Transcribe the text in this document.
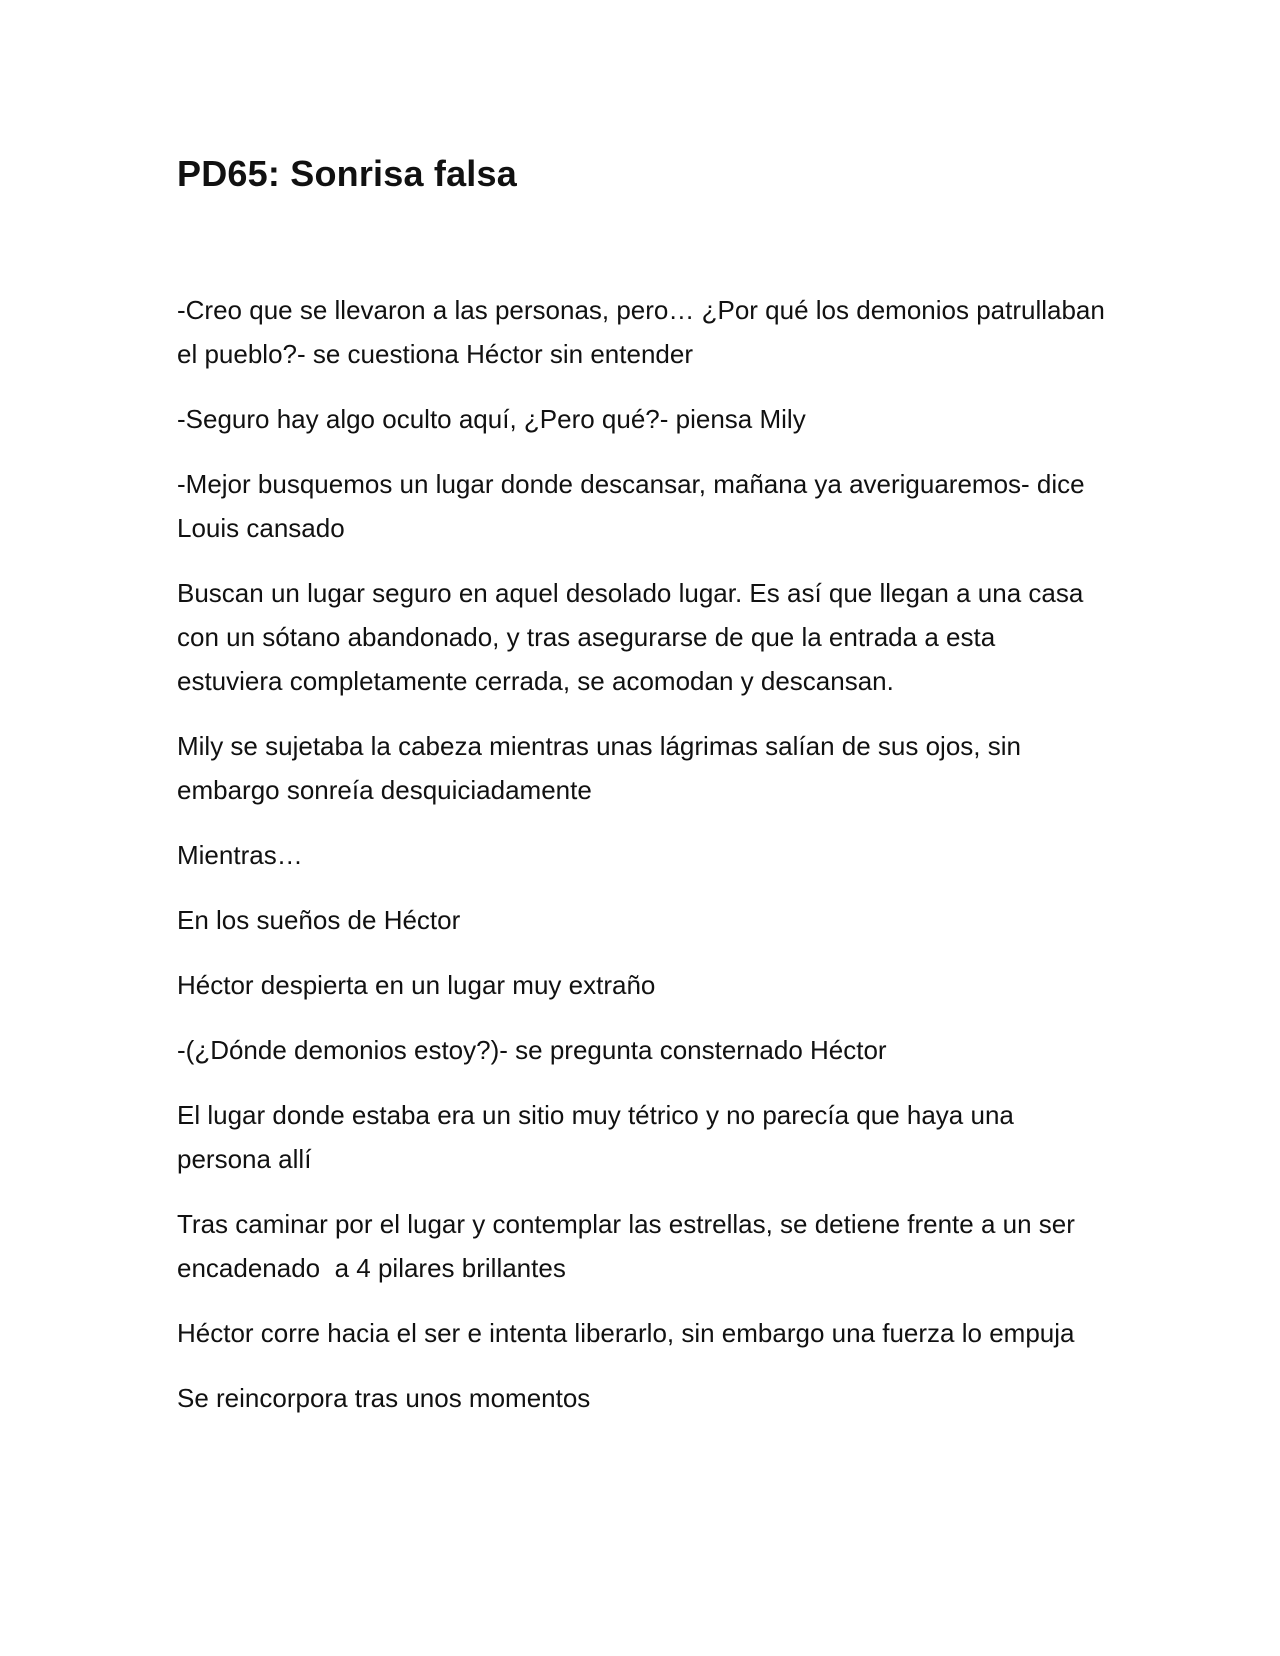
PD65: Sonrisa falsa

-Creo que se llevaron a las personas, pero… ¿Por qué los demonios patrullaban el pueblo?- se cuestiona Héctor sin entender

-Seguro hay algo oculto aquí, ¿Pero qué?- piensa Mily

-Mejor busquemos un lugar donde descansar, mañana ya averiguaremos- dice Louis cansado

Buscan un lugar seguro en aquel desolado lugar. Es así que llegan a una casa con un sótano abandonado, y tras asegurarse de que la entrada a esta estuviera completamente cerrada, se acomodan y descansan.

Mily se sujetaba la cabeza mientras unas lágrimas salían de sus ojos, sin embargo sonreía desquiciadamente

Mientras…

En los sueños de Héctor

Héctor despierta en un lugar muy extraño

-(¿Dónde demonios estoy?)- se pregunta consternado Héctor

El lugar donde estaba era un sitio muy tétrico y no parecía que haya una persona allí

Tras caminar por el lugar y contemplar las estrellas, se detiene frente a un ser encadenado  a 4 pilares brillantes

Héctor corre hacia el ser e intenta liberarlo, sin embargo una fuerza lo empuja

Se reincorpora tras unos momentos
